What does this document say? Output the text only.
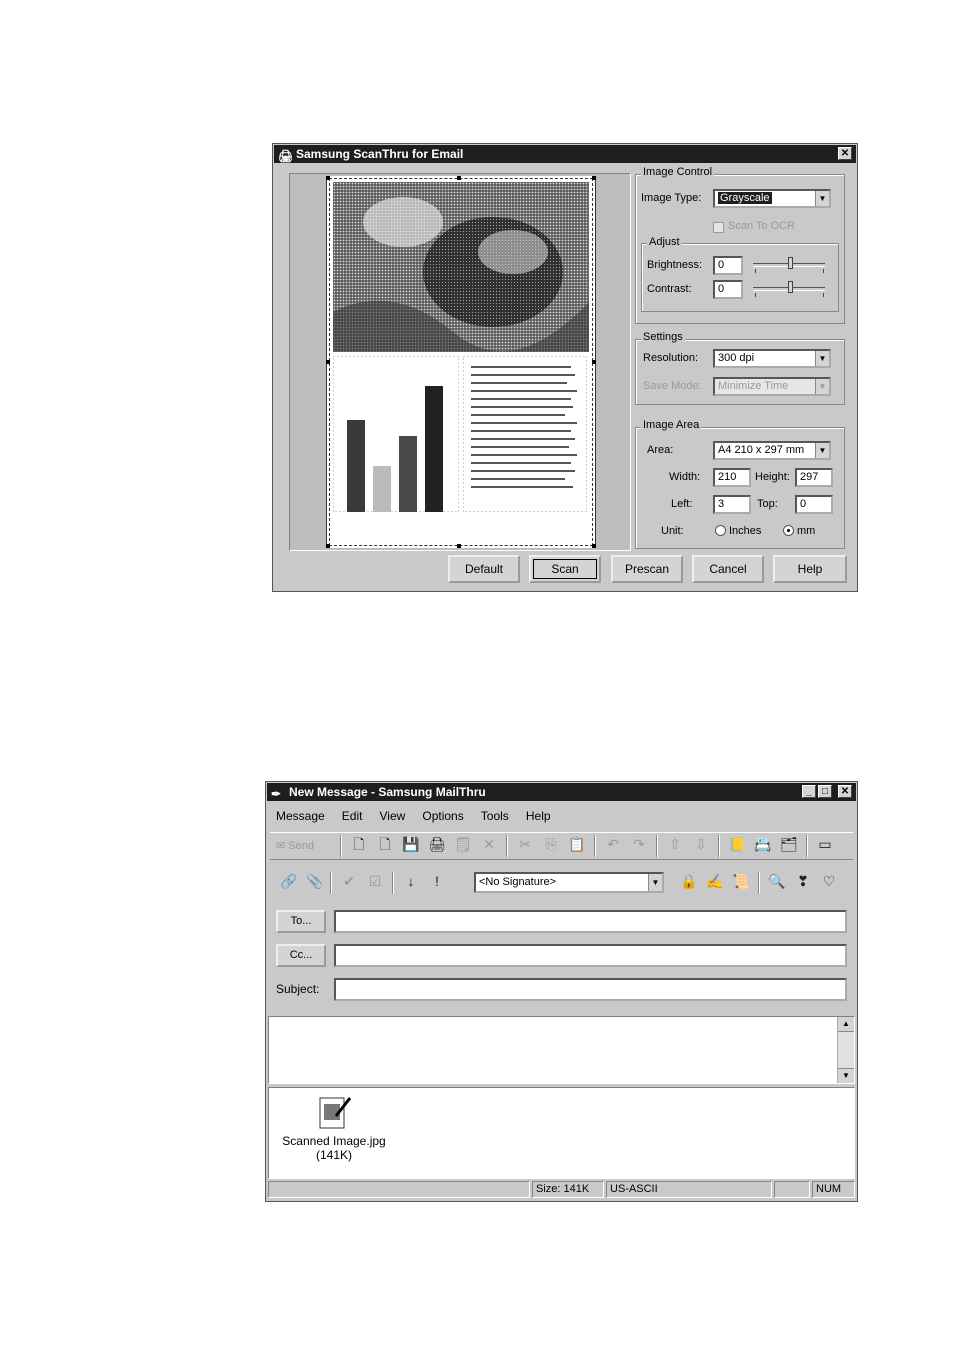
🖨 Samsung ScanThru for Email	✕
Image Control
Image Type:	Grayscale	▼
Scan To OCR
Adjust
Brightness:	0
Contrast:	0
Settings
Resolution:	300 dpi	▼
Save Mode:	Minimize Time	▼
Image Area
Area:	A4 210 x 297 mm	▼
Width:	210	Height: 297
Left:	3	Top:	0
Unit:	Inches	mm
Default	Scan	Prescan	Cancel	Help
✒ New Message - Samsung MailThru	_	□	✕
Message Edit View Options Tools Help
✉ Send	🗋	🗋 💾 🖨 🗒 ✕	✂	⎘ 📋	↶	↷	⇧	⇩	📒 📇 🗂	▭
🔗 📎	✔ ☑	↓	!	<No Signature>	▼ 🔒 ✍ 📜 🔍 ❣ ♡
To...
Cc...
Subject:
▲
▼
Scanned Image.jpg
(141K)
Size: 141K	US-ASCII	NUM
